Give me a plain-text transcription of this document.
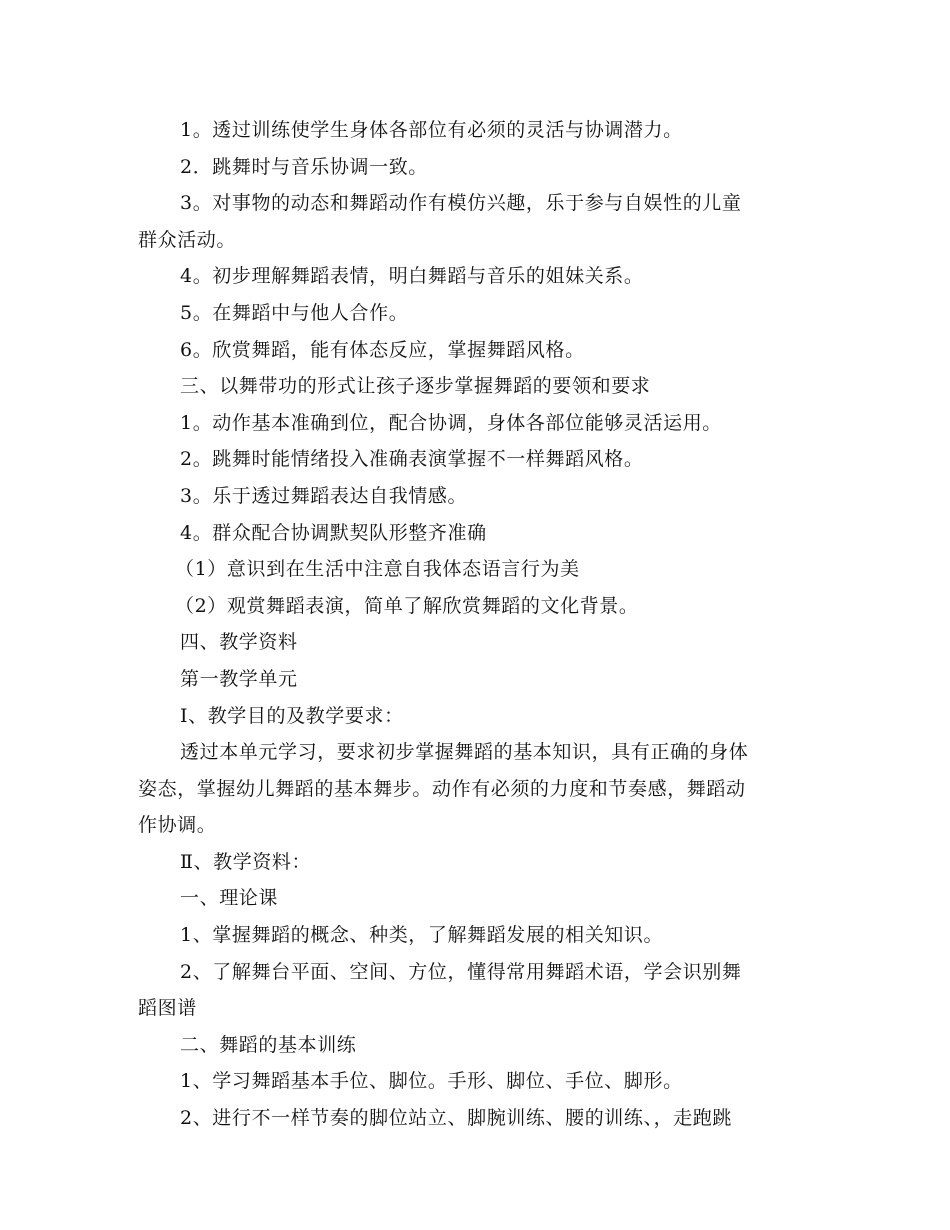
1。透过训练使学生身体各部位有必须的灵活与协调潜力。
2．跳舞时与音乐协调一致。
3。对事物的动态和舞蹈动作有模仿兴趣，乐于参与自娱性的儿童
群众活动。
4。初步理解舞蹈表情，明白舞蹈与音乐的姐妹关系。
5。在舞蹈中与他人合作。
6。欣赏舞蹈，能有体态反应，掌握舞蹈风格。
三、以舞带功的形式让孩子逐步掌握舞蹈的要领和要求
1。动作基本准确到位，配合协调，身体各部位能够灵活运用。
2。跳舞时能情绪投入准确表演掌握不一样舞蹈风格。
3。乐于透过舞蹈表达自我情感。
4。群众配合协调默契队形整齐准确
（1）意识到在生活中注意自我体态语言行为美
（2）观赏舞蹈表演，简单了解欣赏舞蹈的文化背景。
四、教学资料
第一教学单元
Ⅰ、教学目的及教学要求：
透过本单元学习，要求初步掌握舞蹈的基本知识，具有正确的身体
姿态，掌握幼儿舞蹈的基本舞步。动作有必须的力度和节奏感，舞蹈动
作协调。
Ⅱ、教学资料：
一、理论课
1、掌握舞蹈的概念、种类，了解舞蹈发展的相关知识。
2、了解舞台平面、空间、方位，懂得常用舞蹈术语，学会识别舞
蹈图谱
二、舞蹈的基本训练
1、学习舞蹈基本手位、脚位。手形、脚位、手位、脚形。
2、进行不一样节奏的脚位站立、脚腕训练、腰的训练、，走跑跳
